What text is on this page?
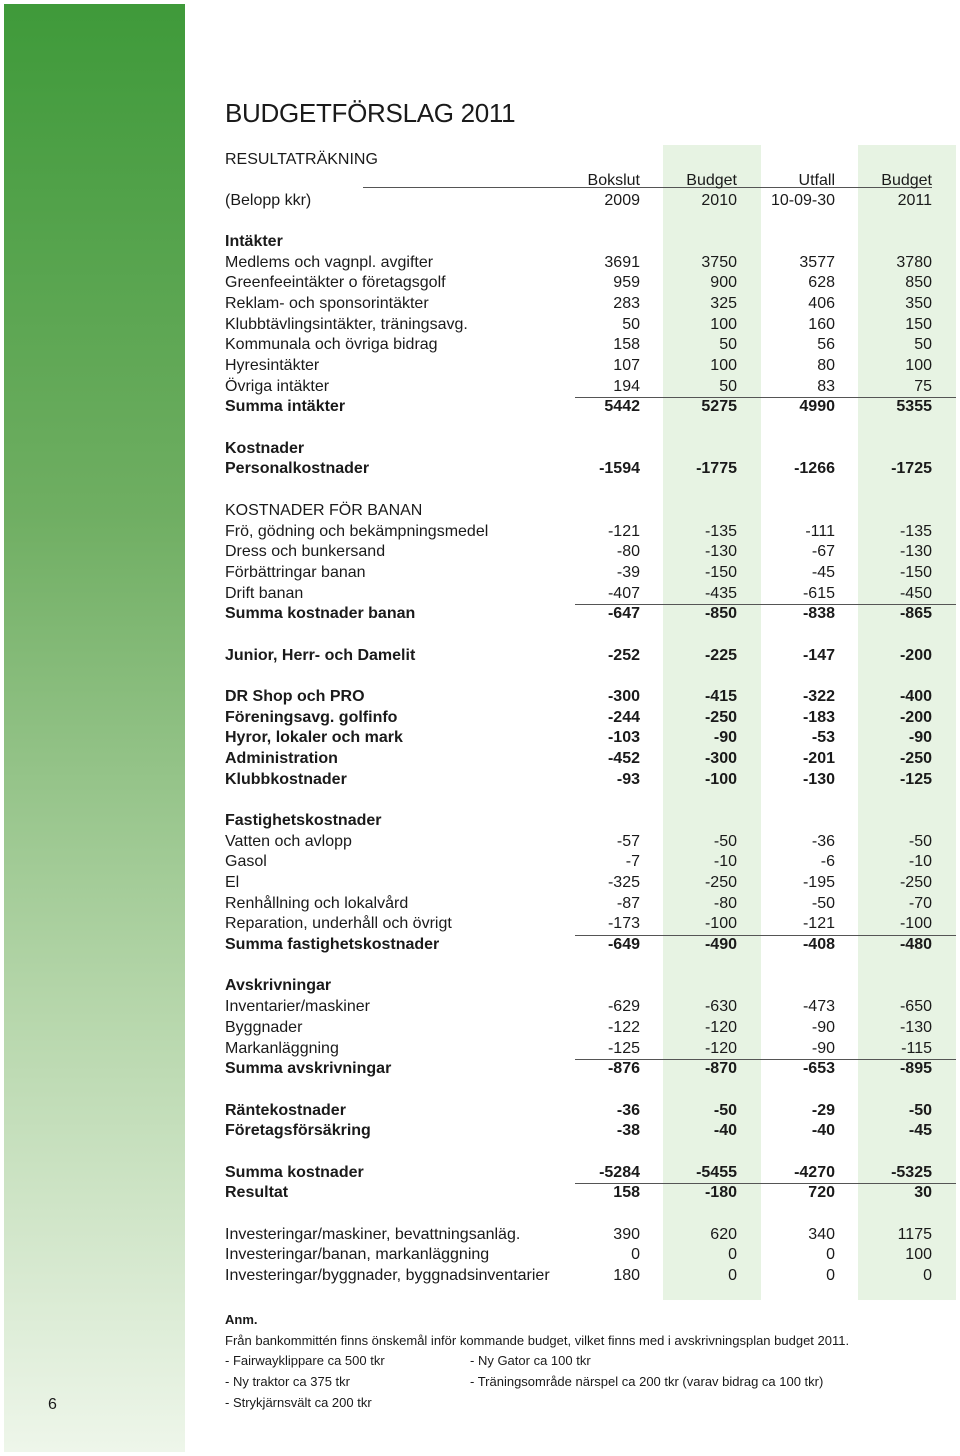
6
BUDGETFÖRSLAG 2011
RESULTATRÄKNING
Bokslut	Budget	Utfall	Budget
(Belopp kkr)	2009	2010	10-09-30	2011
Intäkter
Medlems och vagnpl. avgifter	3691	3750	3577	3780
Greenfeeintäkter o företagsgolf	959	900	628	850
Reklam- och sponsorintäkter	283	325	406	350
Klubbtävlingsintäkter, träningsavg.	50	100	160	150
Kommunala och övriga bidrag	158	50	56	50
Hyresintäkter	107	100	80	100
Övriga intäkter	194	50	83	75
Summa intäkter	5442	5275	4990	5355
Kostnader
Personalkostnader	-1594	-1775	-1266	-1725
KOSTNADER FÖR BANAN
Frö, gödning och bekämpningsmedel	-121	-135	-111	-135
Dress och bunkersand	-80	-130	-67	-130
Förbättringar banan	-39	-150	-45	-150
Drift banan	-407	-435	-615	-450
Summa kostnader banan	-647	-850	-838	-865
Junior, Herr- och Damelit	-252	-225	-147	-200
DR Shop och PRO	-300	-415	-322	-400
Föreningsavg. golfinfo	-244	-250	-183	-200
Hyror, lokaler och mark	-103	-90	-53	-90
Administration	-452	-300	-201	-250
Klubbkostnader	-93	-100	-130	-125
Fastighetskostnader
Vatten och avlopp	-57	-50	-36	-50
Gasol	-7	-10	-6	-10
El	-325	-250	-195	-250
Renhållning och lokalvård	-87	-80	-50	-70
Reparation, underhåll och övrigt	-173	-100	-121	-100
Summa fastighetskostnader	-649	-490	-408	-480
Avskrivningar
Inventarier/maskiner	-629	-630	-473	-650
Byggnader	-122	-120	-90	-130
Markanläggning	-125	-120	-90	-115
Summa avskrivningar	-876	-870	-653	-895
Räntekostnader	-36	-50	-29	-50
Företagsförsäkring	-38	-40	-40	-45
Summa kostnader	-5284	-5455	-4270	-5325
Resultat	158	-180	720	30
Investeringar/maskiner, bevattningsanläg.	390	620	340	1175
Investeringar/banan, markanläggning	0	0	0	100
Investeringar/byggnader, byggnadsinventarier	180	0	0	0
Anm.
Från bankommittén finns önskemål inför kommande budget, vilket finns med i avskrivningsplan budget 2011.
- Fairwayklippare ca 500 tkr
- Ny traktor ca 375 tkr
- Strykjärnsvält ca 200 tkr
- Ny Gator ca 100 tkr
- Träningsområde närspel ca 200 tkr (varav bidrag ca 100 tkr)
